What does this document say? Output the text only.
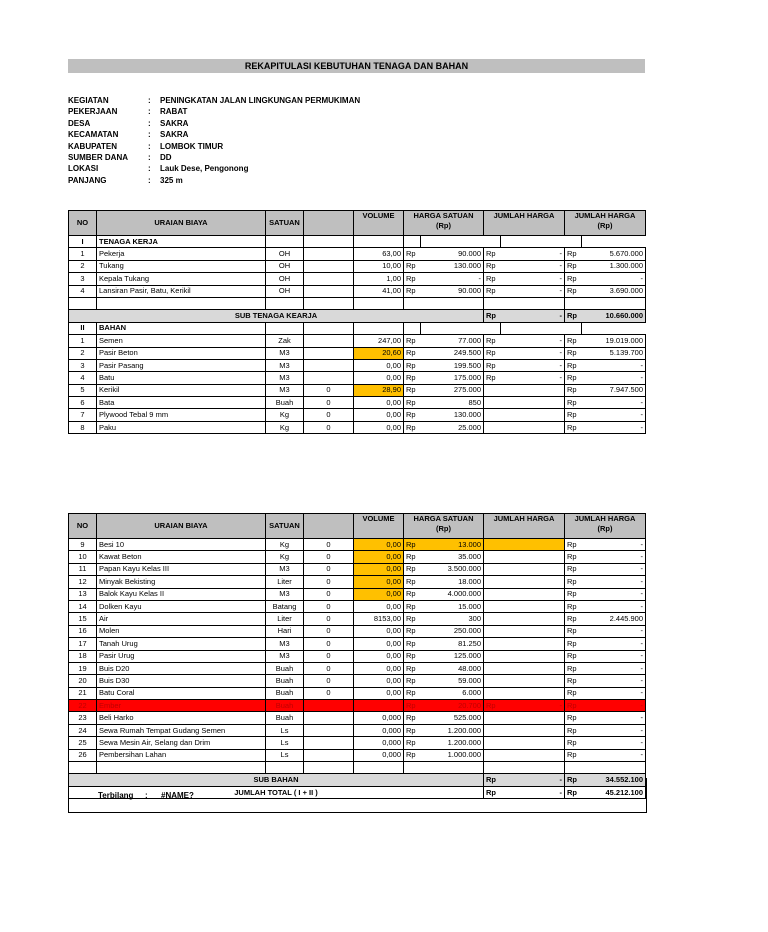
REKAPITULASI KEBUTUHAN TENAGA DAN BAHAN
KEGIATAN	: PENINGKATAN JALAN LINGKUNGAN PERMUKIMAN
PEKERJAAN	: RABAT
DESA	: SAKRA
KECAMATAN	: SAKRA
KABUPATEN	: LOMBOK TIMUR
SUMBER DANA	: DD
LOKASI	: Lauk Dese, Pengonong
PANJANG	: 325 m
NO	URAIAN BIAYA	SATUAN		VOLUME	HARGA SATUAN (Rp)		JUMLAH HARGA		JUMLAH HARGA (Rp)	
I	TENAGA KERJA									
1	Pekerja	OH		63,00	Rp	90.000	Rp	-	Rp	5.670.000
2	Tukang	OH		10,00	Rp	130.000	Rp	-	Rp	1.300.000
3	Kepala Tukang	OH		1,00	Rp	-	Rp	-	Rp	-
4	Lansiran Pasir, Batu, Kerikil	OH		41,00	Rp	90.000	Rp	-	Rp	3.690.000

SUB TENAGA KEARJA							Rp	-	Rp	10.660.000
II	BAHAN									
1	Semen	Zak		247,00	Rp	77.000	Rp	-	Rp	19.019.000
2	Pasir Beton	M3		20,60	Rp	249.500	Rp	-	Rp	5.139.700
3	Pasir Pasang	M3		0,00	Rp	199.500	Rp	-	Rp	-
4	Batu	M3		0,00	Rp	175.000	Rp	-	Rp	-
5	Kerikil	M3	0	28,90	Rp	275.000			Rp	7.947.500
6	Bata	Buah	0	0,00	Rp	850			Rp	-
7	Plywood Tebal 9 mm	Kg	0	0,00	Rp	130.000			Rp	-
8	Paku	Kg	0	0,00	Rp	25.000			Rp	-
NO	URAIAN BIAYA	SATUAN		VOLUME	HARGA SATUAN (Rp)		JUMLAH HARGA		JUMLAH HARGA (Rp)	
9	Besi 10	Kg	0	0,00	Rp	13.000			Rp	-
10	Kawat Beton	Kg	0	0,00	Rp	35.000			Rp	-
11	Papan Kayu Kelas III	M3	0	0,00	Rp	3.500.000			Rp	-
12	Minyak Bekisting	Liter	0	0,00	Rp	18.000			Rp	-
13	Balok Kayu Kelas II	M3	0	0,00	Rp	4.000.000			Rp	-
14	Dolken Kayu	Batang	0	0,00	Rp	15.000			Rp	-
15	Air	Liter	0	8153,00	Rp	300			Rp	2.445.900
16	Molen	Hari	0	0,00	Rp	250.000			Rp	-
17	Tanah Urug	M3	0	0,00	Rp	81.250			Rp	-
18	Pasir Urug	M3	0	0,00	Rp	125.000			Rp	-
19	Buis D20	Buah	0	0,00	Rp	48.000			Rp	-
20	Buis D30	Buah	0	0,00	Rp	59.000			Rp	-
21	Batu Coral	Buah	0	0,00	Rp	6.000			Rp	-
22	Ember	Buah			Rp	20.700	Rp	-	Rp	-
23	Beli Harko	Buah		0,000	Rp	525.000			Rp	-
24	Sewa Rumah Tempat Gudang Semen	Ls		0,000	Rp	1.200.000			Rp	-
25	Sewa Mesin Air, Selang dan Drim	Ls		0,000	Rp	1.200.000			Rp	-
26	Pembersihan Lahan	Ls		0,000	Rp	1.000.000			Rp	-

SUB BAHAN							Rp	-	Rp	34.552.100
JUMLAH TOTAL ( I + II )							Rp	-	Rp	45.212.100
Terbilang : #NAME?
